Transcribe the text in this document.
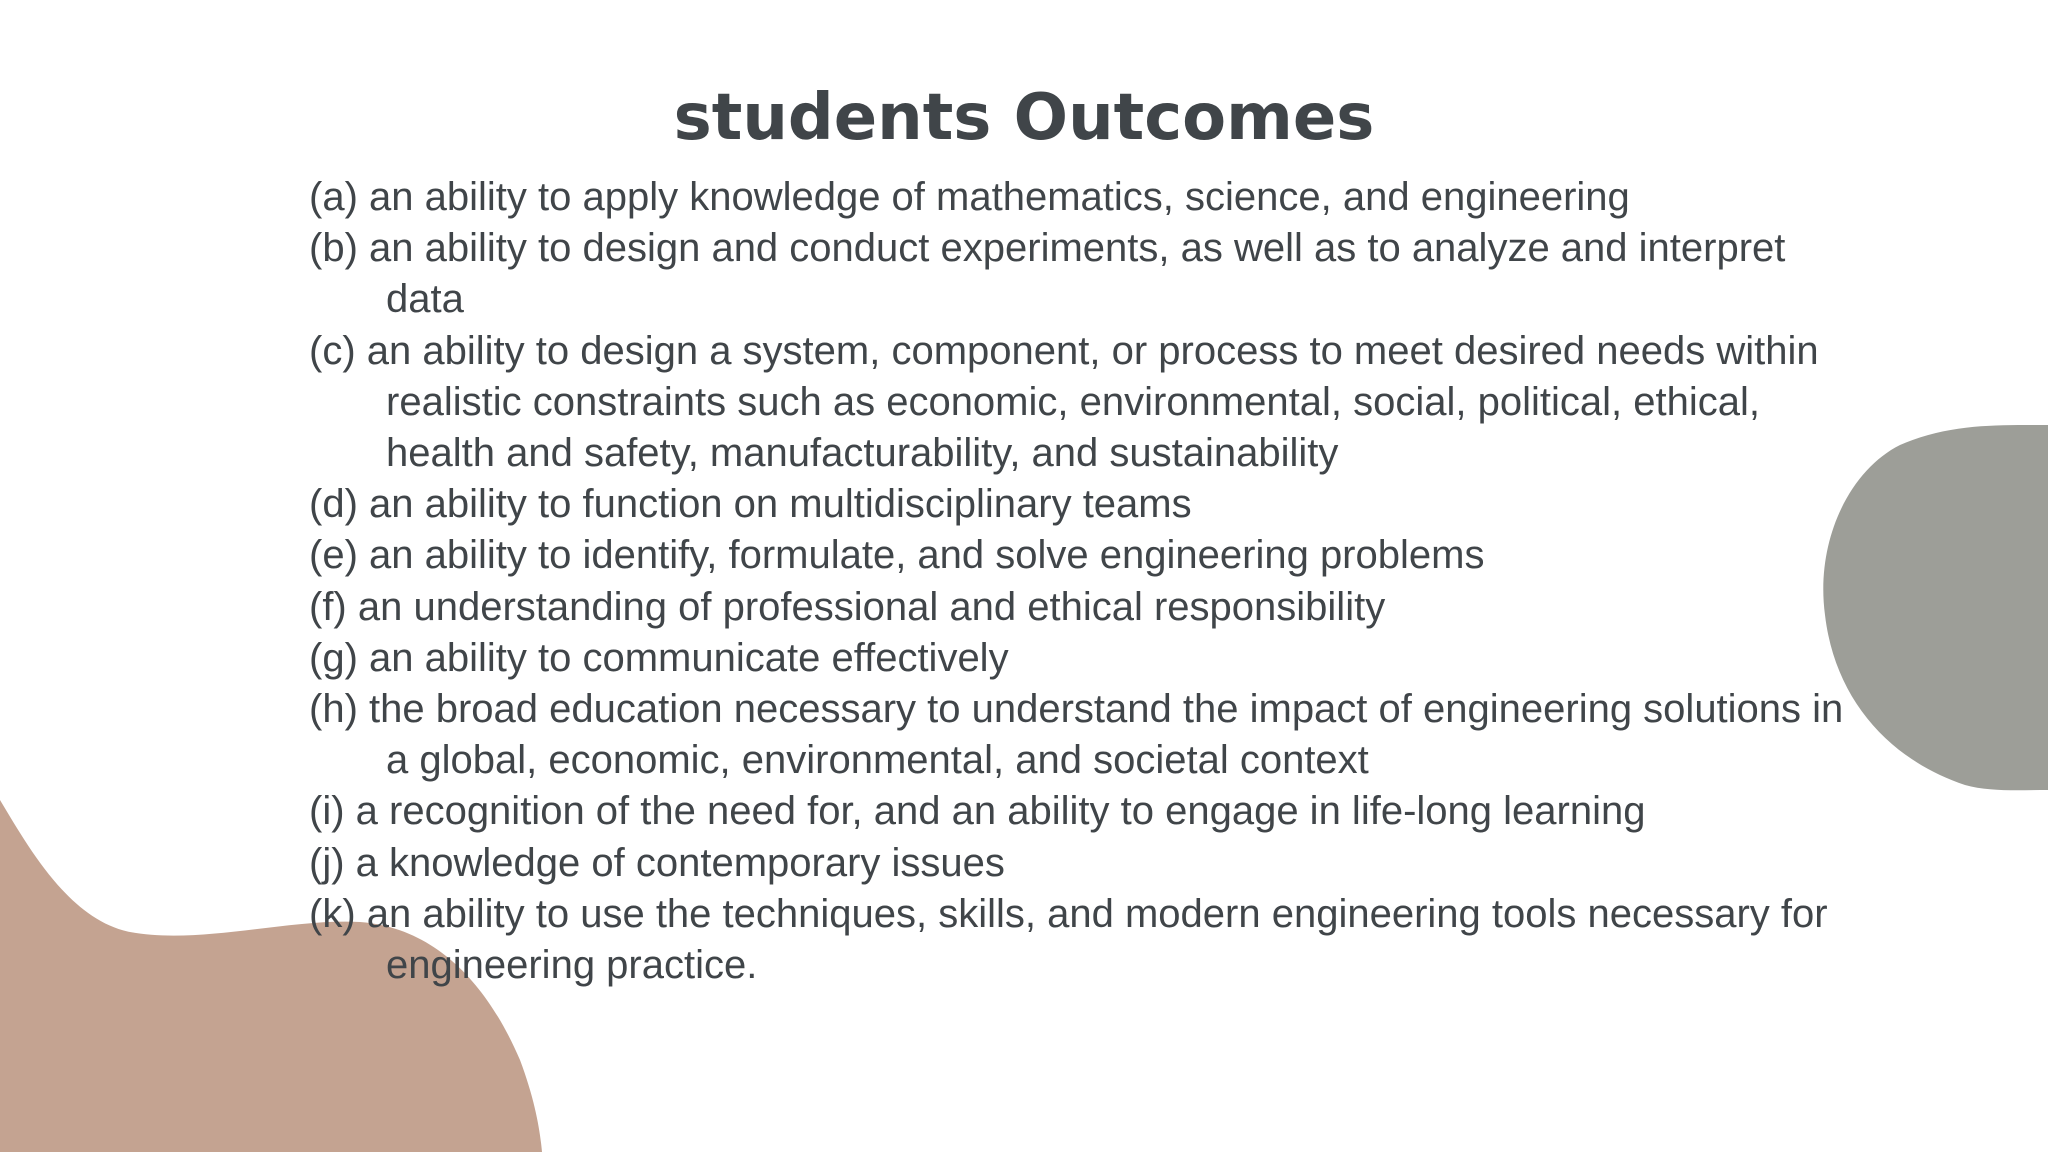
students Outcomes
(a) an ability to apply knowledge of mathematics, science, and engineering
(b) an ability to design and conduct experiments, as well as to analyze and interpret data
(c) an ability to design a system, component, or process to meet desired needs within realistic constraints such as economic, environmental, social, political, ethical, health and safety, manufacturability, and sustainability
(d) an ability to function on multidisciplinary teams
(e) an ability to identify, formulate, and solve engineering problems
(f) an understanding of professional and ethical responsibility
(g) an ability to communicate effectively
(h) the broad education necessary to understand the impact of engineering solutions in a global, economic, environmental, and societal context
(i) a recognition of the need for, and an ability to engage in life-long learning
(j) a knowledge of contemporary issues
(k) an ability to use the techniques, skills, and modern engineering tools necessary for engineering practice.
